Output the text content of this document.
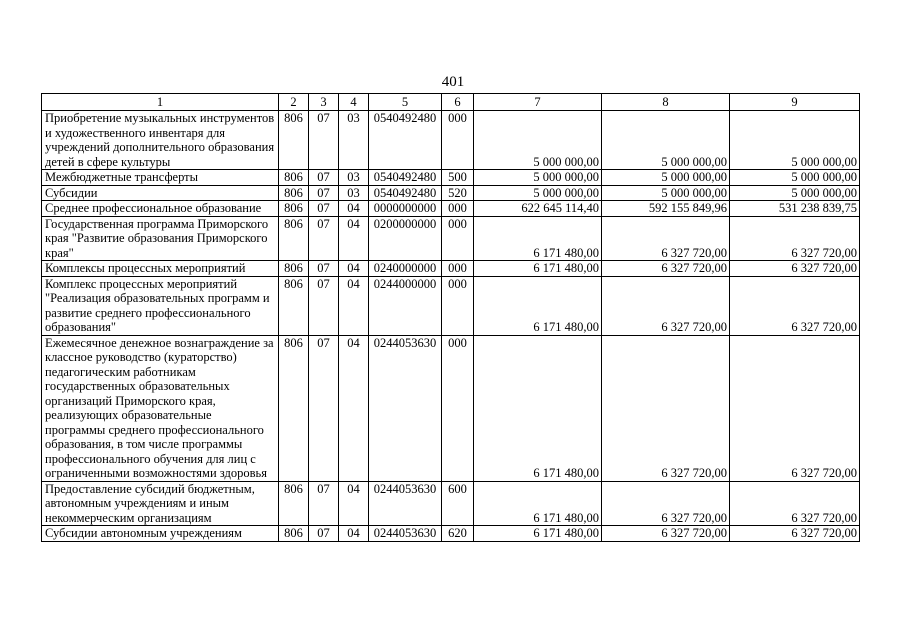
401
1	2	3	4	5	6	7	8	9
Приобретение музыкальных инструментов и художественного инвентаря для учреждений дополнительного образования детей в сфере культуры	806	07	03	0540492480	000	5 000 000,00	5 000 000,00	5 000 000,00
Межбюджетные трансферты	806	07	03	0540492480	500	5 000 000,00	5 000 000,00	5 000 000,00
Субсидии	806	07	03	0540492480	520	5 000 000,00	5 000 000,00	5 000 000,00
Среднее профессиональное образование	806	07	04	0000000000	000	622 645 114,40	592 155 849,96	531 238 839,75
Государственная программа Приморского края "Развитие образования Приморского края"	806	07	04	0200000000	000	6 171 480,00	6 327 720,00	6 327 720,00
Комплексы процессных мероприятий	806	07	04	0240000000	000	6 171 480,00	6 327 720,00	6 327 720,00
Комплекс процессных мероприятий "Реализация образовательных программ и развитие среднего профессионального образования"	806	07	04	0244000000	000	6 171 480,00	6 327 720,00	6 327 720,00
Ежемесячное денежное вознаграждение за классное руководство (кураторство) педагогическим работникам государственных образовательных организаций Приморского края, реализующих образовательные программы среднего профессионального образования, в том числе программы профессионального обучения для лиц с ограниченными возможностями здоровья	806	07	04	0244053630	000	6 171 480,00	6 327 720,00	6 327 720,00
Предоставление субсидий бюджетным, автономным учреждениям и иным некоммерческим организациям	806	07	04	0244053630	600	6 171 480,00	6 327 720,00	6 327 720,00
Субсидии автономным учреждениям	806	07	04	0244053630	620	6 171 480,00	6 327 720,00	6 327 720,00
